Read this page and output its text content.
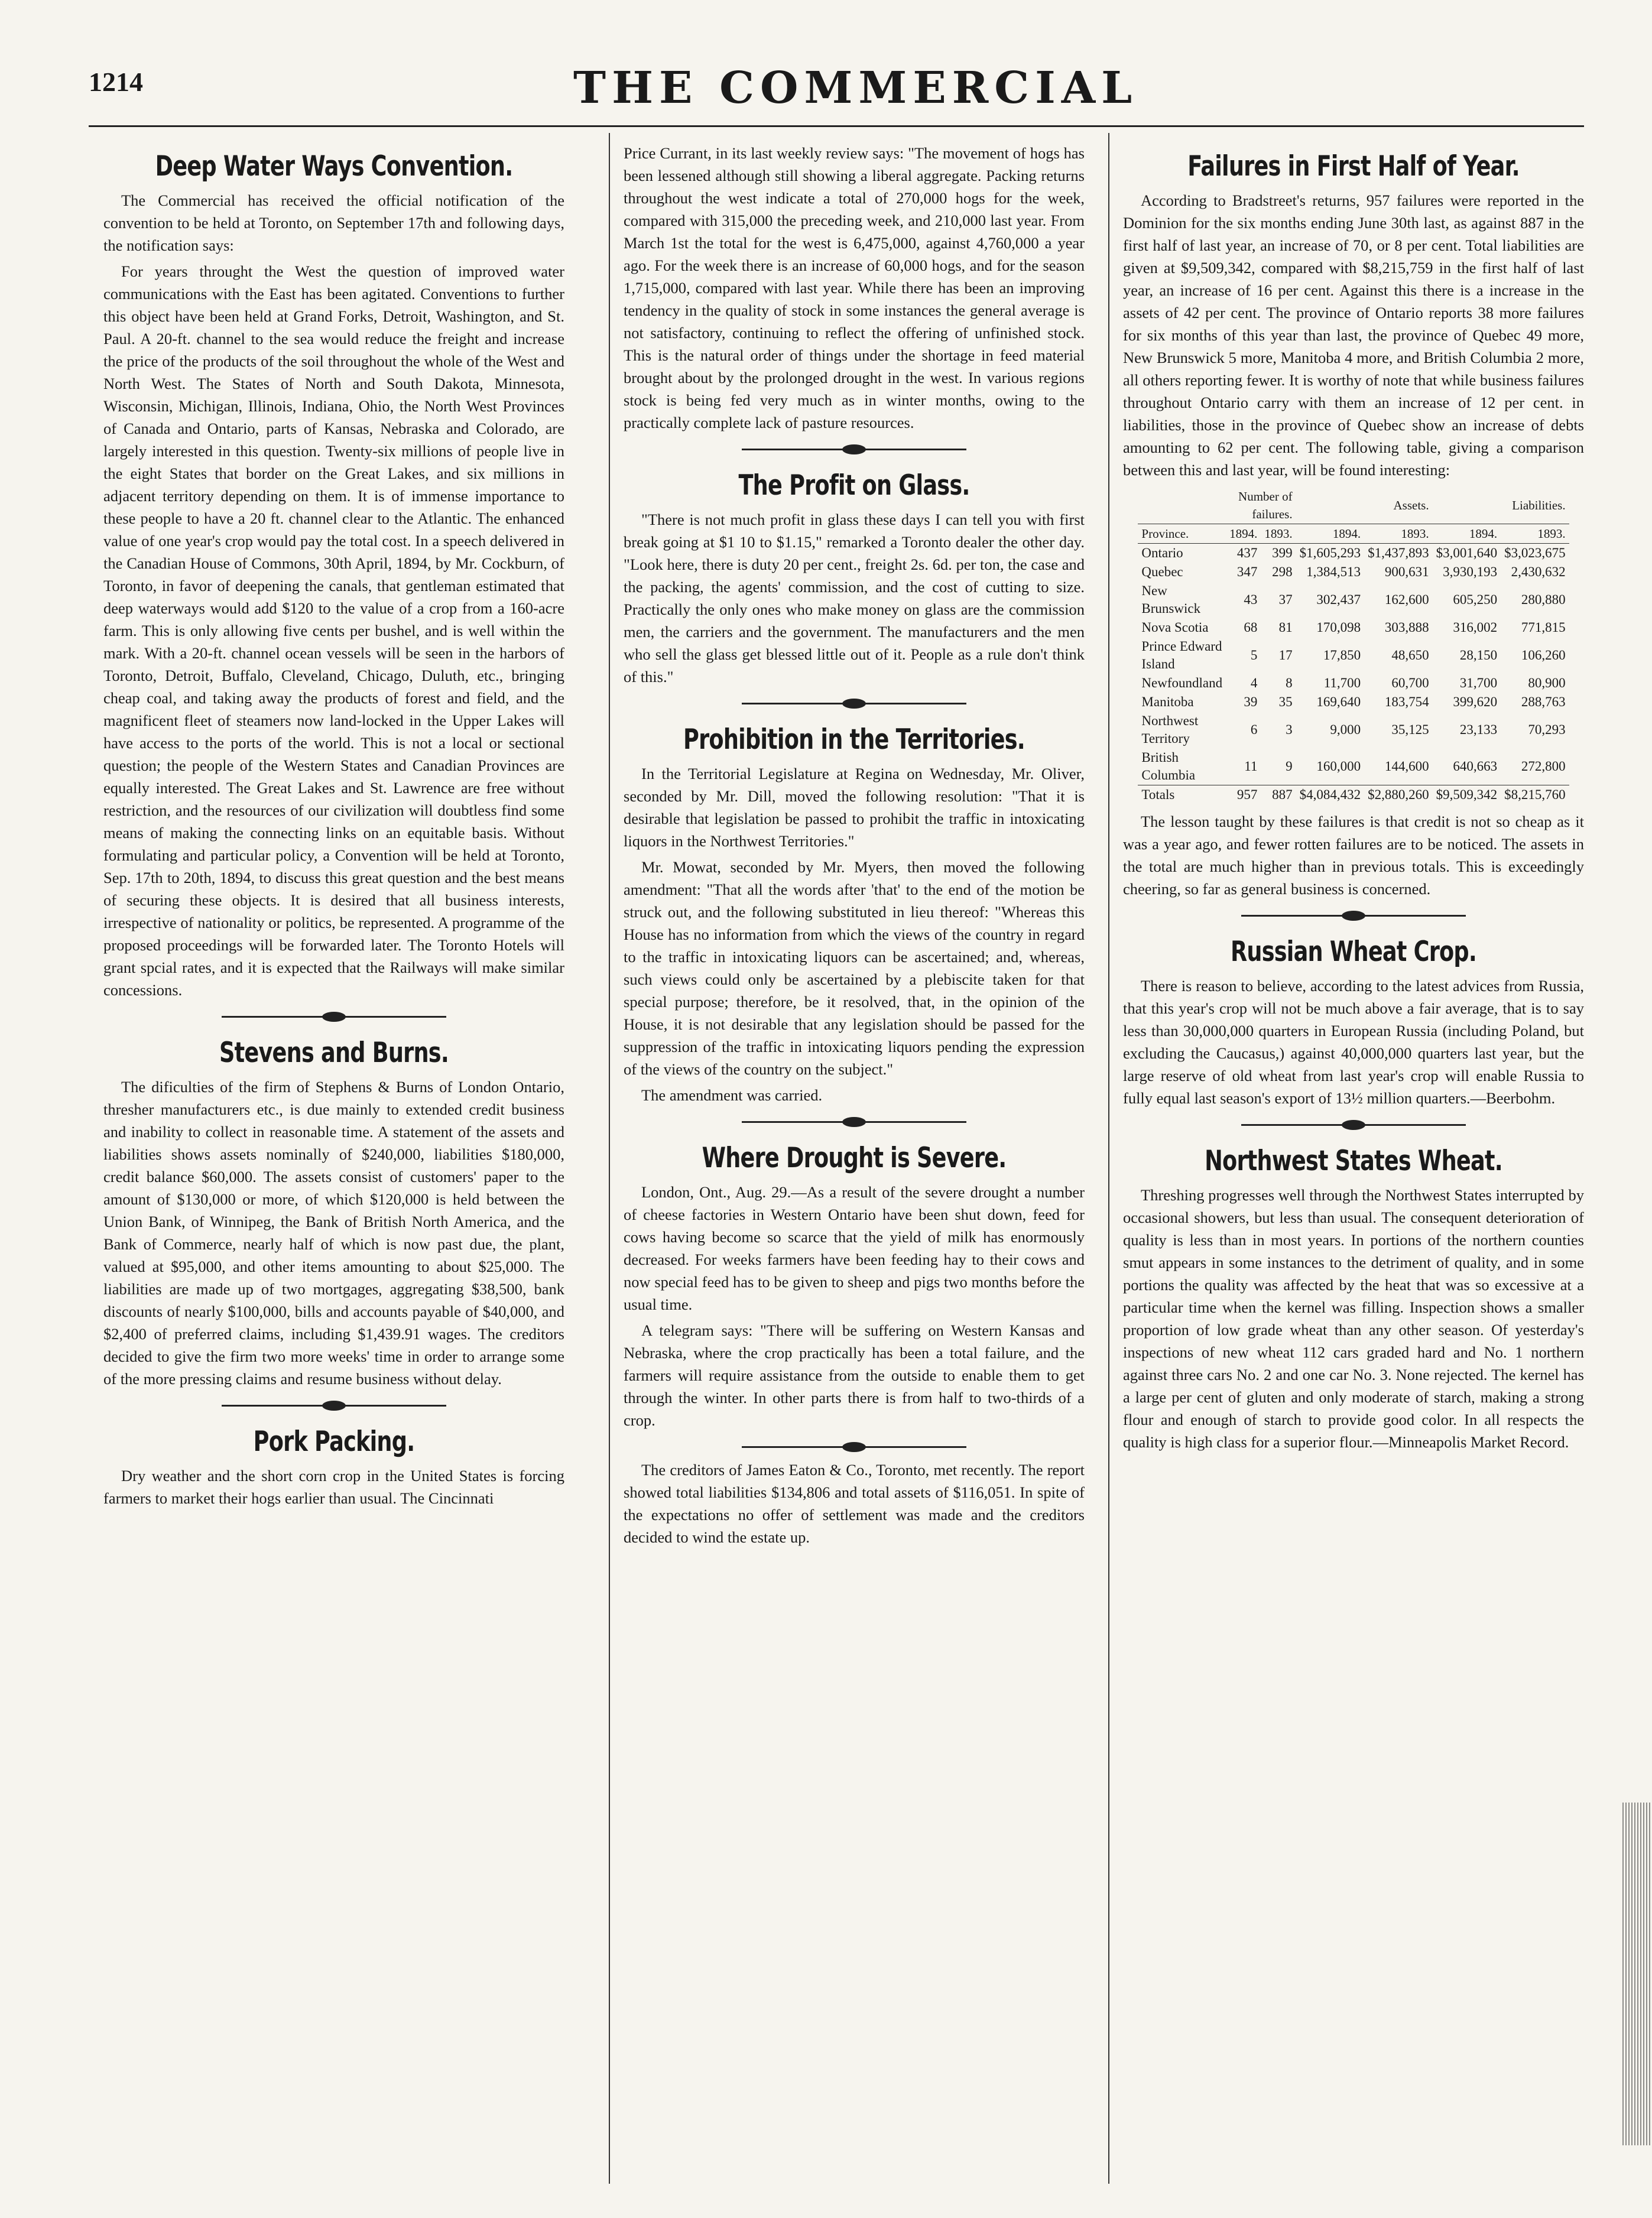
1214	THE COMMERCIAL
Deep Water Ways Convention.

The Commercial has received the official notification of the convention to be held at Toronto, on September 17th and following days, the notification says:

For years throught the West the question of improved water communications with the East has been agitated. Conventions to further this object have been held at Grand Forks, Detroit, Washington, and St. Paul. A 20-ft. channel to the sea would reduce the freight and increase the price of the products of the soil throughout the whole of the West and North West. The States of North and South Dakota, Minnesota, Wisconsin, Michigan, Illinois, Indiana, Ohio, the North West Provinces of Canada and Ontario, parts of Kansas, Nebraska and Colorado, are largely interested in this question. Twenty-six millions of people live in the eight States that border on the Great Lakes, and six millions in adjacent territory depending on them. It is of immense importance to these people to have a 20 ft. channel clear to the Atlantic. The enhanced value of one year's crop would pay the total cost. In a speech delivered in the Canadian House of Commons, 30th April, 1894, by Mr. Cockburn, of Toronto, in favor of deepening the canals, that gentleman estimated that deep waterways would add $120 to the value of a crop from a 160-acre farm. This is only allowing five cents per bushel, and is well within the mark. With a 20-ft. channel ocean vessels will be seen in the harbors of Toronto, Detroit, Buffalo, Cleveland, Chicago, Duluth, etc., bringing cheap coal, and taking away the products of forest and field, and the magnificent fleet of steamers now land-locked in the Upper Lakes will have access to the ports of the world. This is not a local or sectional question; the people of the Western States and Canadian Provinces are equally interested. The Great Lakes and St. Lawrence are free without restriction, and the resources of our civilization will doubtless find some means of making the connecting links on an equitable basis. Without formulating and particular policy, a Convention will be held at Toronto, Sep. 17th to 20th, 1894, to discuss this great question and the best means of securing these objects. It is desired that all business interests, irrespective of nationality or politics, be represented. A programme of the proposed proceedings will be forwarded later. The Toronto Hotels will grant spcial rates, and it is expected that the Railways will make similar concessions.

Stevens and Burns.

The dificulties of the firm of Stephens & Burns of London Ontario, thresher manufacturers etc., is due mainly to extended credit business and inability to collect in reasonable time. A statement of the assets and liabilities shows assets nominally of $240,000, liabilities $180,000, credit balance $60,000. The assets consist of customers' paper to the amount of $130,000 or more, of which $120,000 is held between the Union Bank, of Winnipeg, the Bank of British North America, and the Bank of Commerce, nearly half of which is now past due, the plant, valued at $95,000, and other items amounting to about $25,000. The liabilities are made up of two mortgages, aggregating $38,500, bank discounts of nearly $100,000, bills and accounts payable of $40,000, and $2,400 of preferred claims, including $1,439.91 wages. The creditors decided to give the firm two more weeks' time in order to arrange some of the more pressing claims and resume business without delay.

Pork Packing.

Dry weather and the short corn crop in the United States is forcing farmers to market their hogs earlier than usual. The Cincinnati

Price Currant, in its last weekly review says: "The movement of hogs has been lessened although still showing a liberal aggregate. Packing returns throughout the west indicate a total of 270,000 hogs for the week, compared with 315,000 the preceding week, and 210,000 last year. From March 1st the total for the west is 6,475,000, against 4,760,000 a year ago. For the week there is an increase of 60,000 hogs, and for the season 1,715,000, compared with last year. While there has been an improving tendency in the quality of stock in some instances the general average is not satisfactory, continuing to reflect the offering of unfinished stock. This is the natural order of things under the shortage in feed material brought about by the prolonged drought in the west. In various regions stock is being fed very much as in winter months, owing to the practically complete lack of pasture resources.

The Profit on Glass.

"There is not much profit in glass these days I can tell you with first break going at $1 10 to $1.15," remarked a Toronto dealer the other day. "Look here, there is duty 20 per cent., freight 2s. 6d. per ton, the case and the packing, the agents' commission, and the cost of cutting to size. Practically the only ones who make money on glass are the commission men, the carriers and the government. The manufacturers and the men who sell the glass get blessed little out of it. People as a rule don't think of this."

Prohibition in the Territories.

In the Territorial Legislature at Regina on Wednesday, Mr. Oliver, seconded by Mr. Dill, moved the following resolution: "That it is desirable that legislation be passed to prohibit the traffic in intoxicating liquors in the Northwest Territories."

Mr. Mowat, seconded by Mr. Myers, then moved the following amendment: "That all the words after 'that' to the end of the motion be struck out, and the following substituted in lieu thereof: "Whereas this House has no information from which the views of the country in regard to the traffic in intoxicating liquors can be ascertained; and, whereas, such views could only be ascertained by a plebiscite taken for that special purpose; therefore, be it resolved, that, in the opinion of the House, it is not desirable that any legislation should be passed for the suppression of the traffic in intoxicating liquors pending the expression of the views of the country on the subject."

The amendment was carried.

Where Drought is Severe.

London, Ont., Aug. 29.—As a result of the severe drought a number of cheese factories in Western Ontario have been shut down, feed for cows having become so scarce that the yield of milk has enormously decreased. For weeks farmers have been feeding hay to their cows and now special feed has to be given to sheep and pigs two months before the usual time.

A telegram says: "There will be suffering on Western Kansas and Nebraska, where the crop practically has been a total failure, and the farmers will require assistance from the outside to enable them to get through the winter. In other parts there is from half to two-thirds of a crop.

The creditors of James Eaton & Co., Toronto, met recently. The report showed total liabilities $134,806 and total assets of $116,051. In spite of the expectations no offer of settlement was made and the creditors decided to wind the estate up.

Failures in First Half of Year.

According to Bradstreet's returns, 957 failures were reported in the Dominion for the six months ending June 30th last, as against 887 in the first half of last year, an increase of 70, or 8 per cent. Total liabilities are given at $9,509,342, compared with $8,215,759 in the first half of last year, an increase of 16 per cent. Against this there is a increase in the assets of 42 per cent. The province of Ontario reports 38 more failures for six months of this year than last, the province of Quebec 49 more, New Brunswick 5 more, Manitoba 4 more, and British Columbia 2 more, all others reporting fewer. It is worthy of note that while business failures throughout Ontario carry with them an increase of 12 per cent. in liabilities, those in the province of Quebec show an increase of debts amounting to 62 per cent. The following table, giving a comparison between this and last year, will be found interesting:

	Number of failures.		Assets.		Liabilities.	
Province.	1894.	1893.	1894.	1893.	1894.	1893.
Ontario	437	399	$1,605,293	$1,437,893	$3,001,640	$3,023,675
Quebec	347	298	1,384,513	900,631	3,930,193	2,430,632
New Brunswick	43	37	302,437	162,600	605,250	280,880
Nova Scotia	68	81	170,098	303,888	316,002	771,815
Prince Edward Island	5	17	17,850	48,650	28,150	106,260
Newfoundland	4	8	11,700	60,700	31,700	80,900
Manitoba	39	35	169,640	183,754	399,620	288,763
Northwest Territory	6	3	9,000	35,125	23,133	70,293
British Columbia	11	9	160,000	144,600	640,663	272,800
Totals	957	887	$4,084,432	$2,880,260	$9,509,342	$8,215,760

The lesson taught by these failures is that credit is not so cheap as it was a year ago, and fewer rotten failures are to be noticed. The assets in the total are much higher than in previous totals. This is exceedingly cheering, so far as general business is concerned.

Russian Wheat Crop.

There is reason to believe, according to the latest advices from Russia, that this year's crop will not be much above a fair average, that is to say less than 30,000,000 quarters in European Russia (including Poland, but excluding the Caucasus,) against 40,000,000 quarters last year, but the large reserve of old wheat from last year's crop will enable Russia to fully equal last season's export of 13½ million quarters.—Beerbohm.

Northwest States Wheat.

Threshing progresses well through the Northwest States interrupted by occasional showers, but less than usual. The consequent deterioration of quality is less than in most years. In portions of the northern counties smut appears in some instances to the detriment of quality, and in some portions the quality was affected by the heat that was so excessive at a particular time when the kernel was filling. Inspection shows a smaller proportion of low grade wheat than any other season. Of yesterday's inspections of new wheat 112 cars graded hard and No. 1 northern against three cars No. 2 and one car No. 3. None rejected. The kernel has a large per cent of gluten and only moderate of starch, making a strong flour and enough of starch to provide good color. In all respects the quality is high class for a superior flour.—Minneapolis Market Record.
